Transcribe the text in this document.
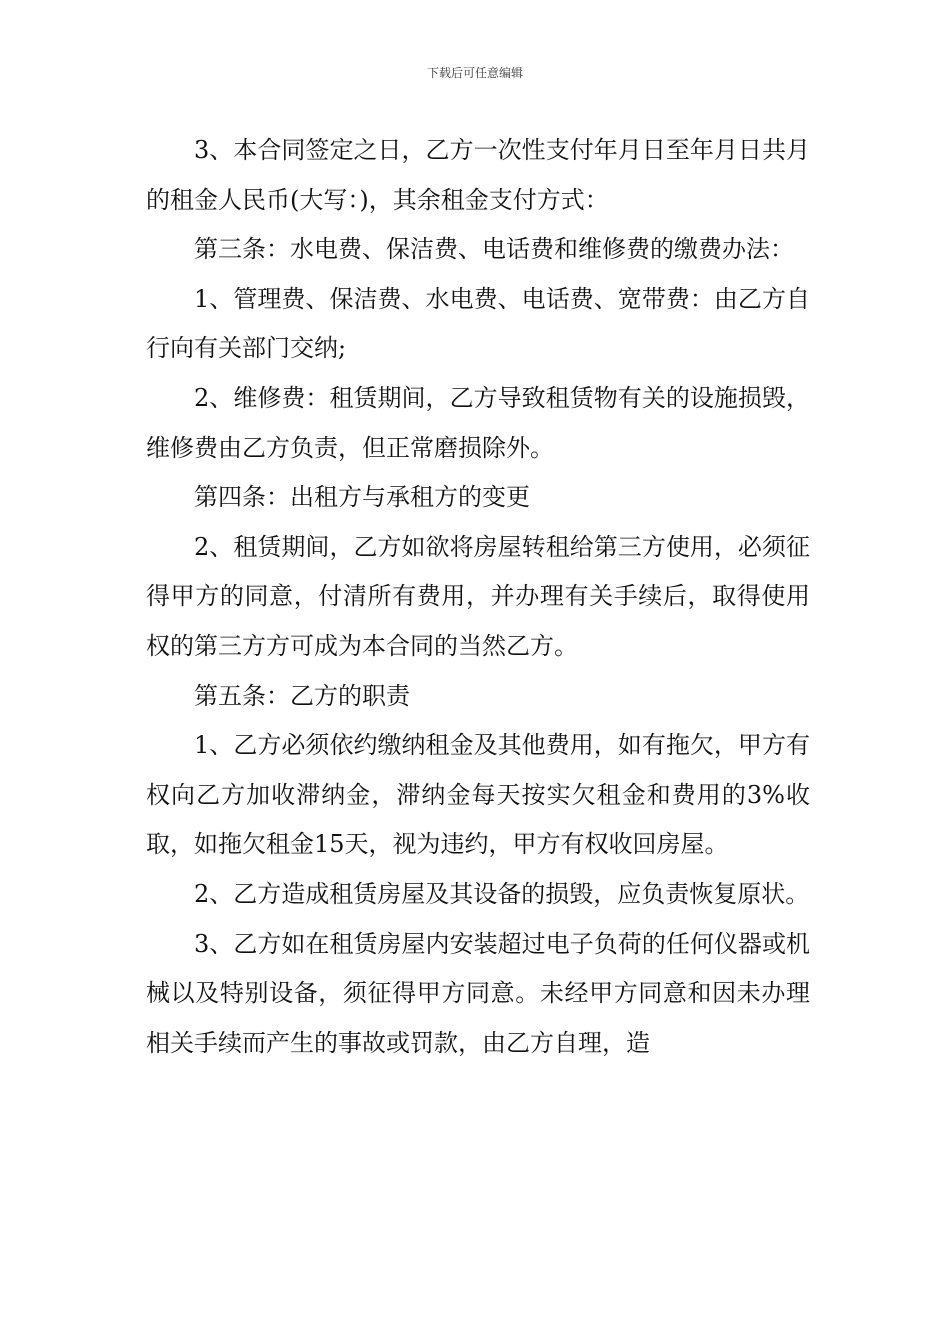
下载后可任意编辑

3、本合同签定之日，乙方一次性支付年月日至年月日共月的租金人民币(大写：)，其余租金支付方式：

第三条：水电费、保洁费、电话费和维修费的缴费办法：

1、管理费、保洁费、水电费、电话费、宽带费：由乙方自行向有关部门交纳;

2、维修费：租赁期间，乙方导致租赁物有关的设施损毁，维修费由乙方负责，但正常磨损除外。

第四条：出租方与承租方的变更

2、租赁期间，乙方如欲将房屋转租给第三方使用，必须征得甲方的同意，付清所有费用，并办理有关手续后，取得使用权的第三方方可成为本合同的当然乙方。

第五条：乙方的职责

1、乙方必须依约缴纳租金及其他费用，如有拖欠，甲方有权向乙方加收滞纳金，滞纳金每天按实欠租金和费用的3%收取，如拖欠租金15天，视为违约，甲方有权收回房屋。

2、乙方造成租赁房屋及其设备的损毁，应负责恢复原状。

3、乙方如在租赁房屋内安装超过电子负荷的任何仪器或机械以及特别设备，须征得甲方同意。未经甲方同意和因未办理相关手续而产生的事故或罚款，由乙方自理，造
